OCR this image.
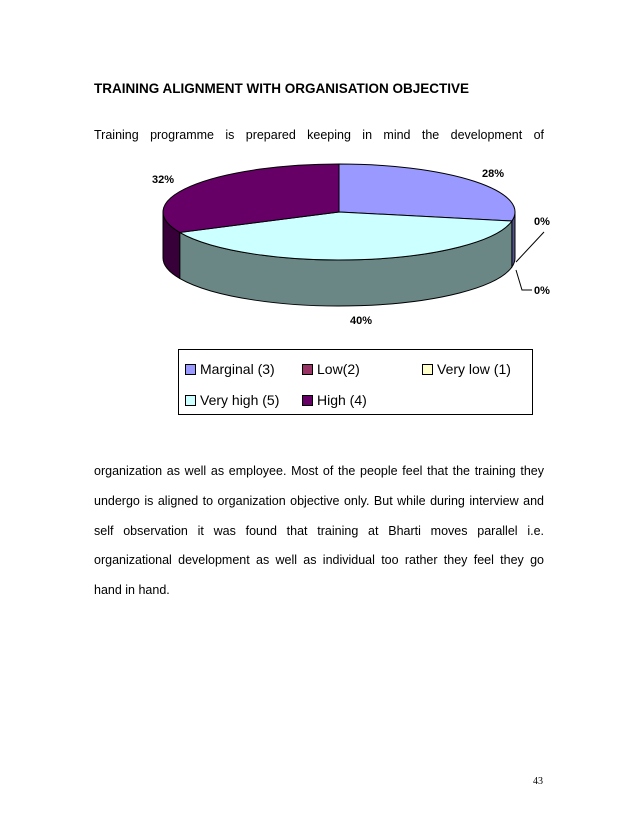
TRAINING ALIGNMENT WITH ORGANISATION OBJECTIVE
Training programme is prepared keeping in mind the development of
28%
0%
0%
40%
32%
Marginal (3)	Low(2)	Very low (1)
Very high (5)	High (4)
organization as well as employee. Most of the people feel that the training they
undergo is aligned to organization objective only. But while during interview and
self observation it was found that training at Bharti moves parallel i.e.
organizational development as well as individual too rather they feel they go
hand in hand.
43
